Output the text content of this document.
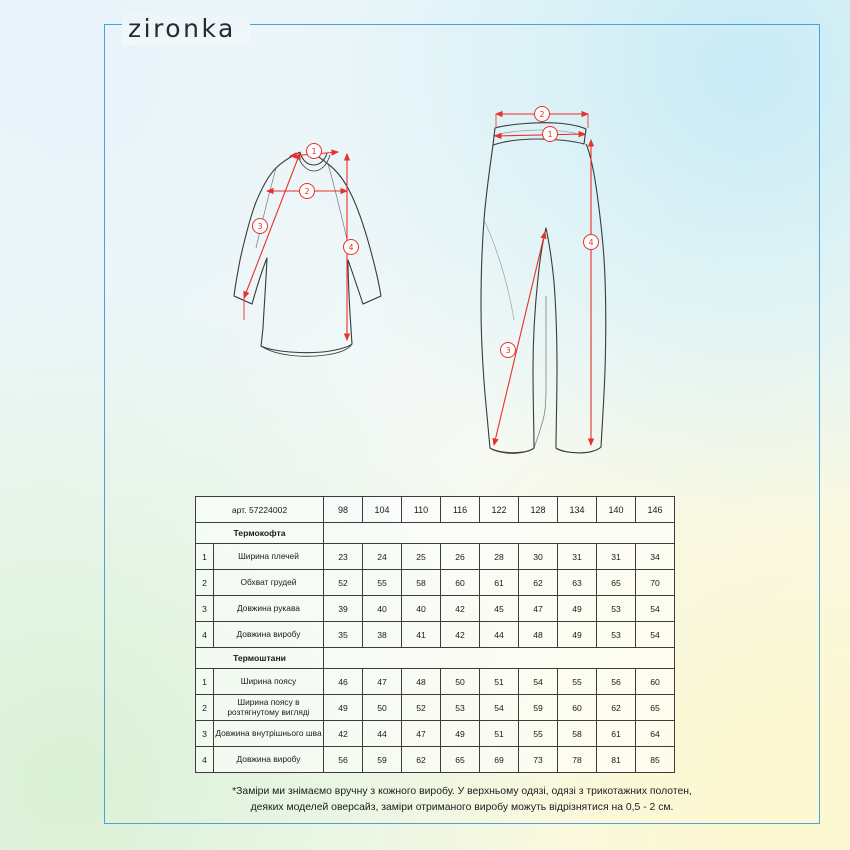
zironka
1
2
3
4
2
1
3
4
арт. 57224002		98	104	110	116	122	128	134	140	146
Термокофта										
1	Ширина плечей	23	24	25	26	28	30	31	31	34
2	Обхват грудей	52	55	58	60	61	62	63	65	70
3	Довжина рукава	39	40	40	42	45	47	49	53	54
4	Довжина виробу	35	38	41	42	44	48	49	53	54
Термоштани										
1	Ширина поясу	46	47	48	50	51	54	55	56	60
2	Ширина поясу в розтягнутому вигляді	49	50	52	53	54	59	60	62	65
3	Довжина внутрішнього шва	42	44	47	49	51	55	58	61	64
4	Довжина виробу	56	59	62	65	69	73	78	81	85
*Заміри ми знімаємо вручну з кожного виробу. У верхньому одязі, одязі з трикотажних полотен,
деяких моделей оверсайз, заміри отриманого виробу можуть відрізнятися на 0,5 - 2 см.
